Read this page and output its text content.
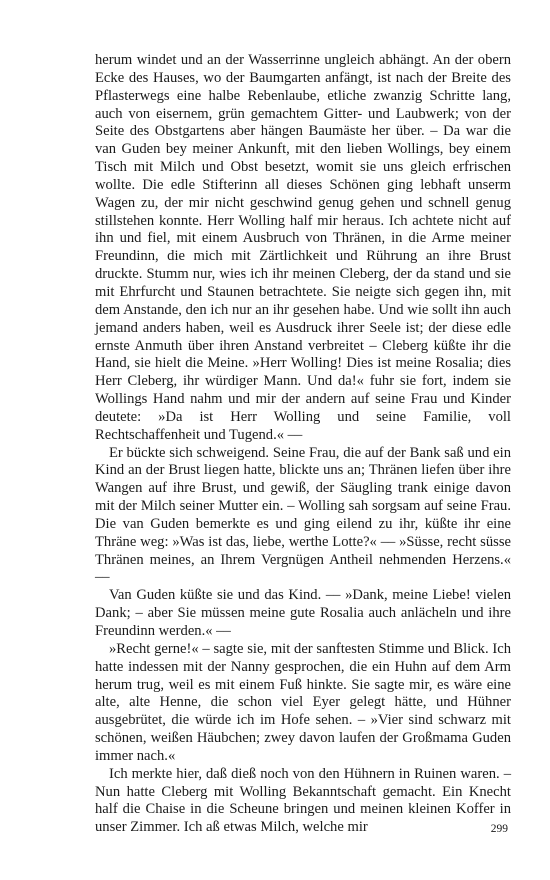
herum windet und an der Wasserrinne ungleich abhängt. An der obern Ecke des Hauses, wo der Baumgarten anfängt, ist nach der Breite des Pflasterwegs eine halbe Rebenlaube, etliche zwanzig Schritte lang, auch von eisernem, grün gemachtem Gitter- und Laubwerk; von der Seite des Obstgartens aber hängen Baumäste her über. – Da war die van Guden bey meiner Ankunft, mit den lieben Wollings, bey einem Tisch mit Milch und Obst besetzt, womit sie uns gleich erfrischen wollte. Die edle Stifterinn all dieses Schönen ging lebhaft unserm Wagen zu, der mir nicht geschwind genug gehen und schnell genug stillstehen konnte. Herr Wolling half mir heraus. Ich achtete nicht auf ihn und fiel, mit einem Ausbruch von Thränen, in die Arme meiner Freundinn, die mich mit Zärtlichkeit und Rührung an ihre Brust druckte. Stumm nur, wies ich ihr meinen Cleberg, der da stand und sie mit Ehrfurcht und Staunen betrachtete. Sie neigte sich gegen ihn, mit dem Anstande, den ich nur an ihr gesehen habe. Und wie sollt ihn auch jemand anders haben, weil es Ausdruck ihrer Seele ist; der diese edle ernste Anmuth über ihren Anstand verbreitet – Cleberg küßte ihr die Hand, sie hielt die Meine. »Herr Wolling! Dies ist meine Rosalia; dies Herr Cleberg, ihr würdiger Mann. Und da!« fuhr sie fort, indem sie Wollings Hand nahm und mir der andern auf seine Frau und Kinder deutete: »Da ist Herr Wolling und seine Familie, voll Rechtschaffenheit und Tugend.« ––

Er bückte sich schweigend. Seine Frau, die auf der Bank saß und ein Kind an der Brust liegen hatte, blickte uns an; Thränen liefen über ihre Wangen auf ihre Brust, und gewiß, der Säugling trank einige davon mit der Milch seiner Mutter ein. – Wolling sah sorgsam auf seine Frau. Die van Guden bemerkte es und ging eilend zu ihr, küßte ihr eine Thräne weg: »Was ist das, liebe, werthe Lotte?« –– »Süsse, recht süsse Thränen meines, an Ihrem Vergnügen Antheil nehmenden Herzens.« ––

Van Guden küßte sie und das Kind. –– »Dank, meine Liebe! vielen Dank; – aber Sie müssen meine gute Rosalia auch anlächeln und ihre Freundinn werden.« ––

»Recht gerne!« – sagte sie, mit der sanftesten Stimme und Blick. Ich hatte indessen mit der Nanny gesprochen, die ein Huhn auf dem Arm herum trug, weil es mit einem Fuß hinkte. Sie sagte mir, es wäre eine alte, alte Henne, die schon viel Eyer gelegt hätte, und Hühner ausgebrütet, die würde ich im Hofe sehen. – »Vier sind schwarz mit schönen, weißen Häubchen; zwey davon laufen der Großmama Guden immer nach.«

Ich merkte hier, daß dieß noch von den Hühnern in Ruinen waren. – Nun hatte Cleberg mit Wolling Bekanntschaft gemacht. Ein Knecht half die Chaise in die Scheune bringen und meinen kleinen Koffer in unser Zimmer. Ich aß etwas Milch, welche mir	299
